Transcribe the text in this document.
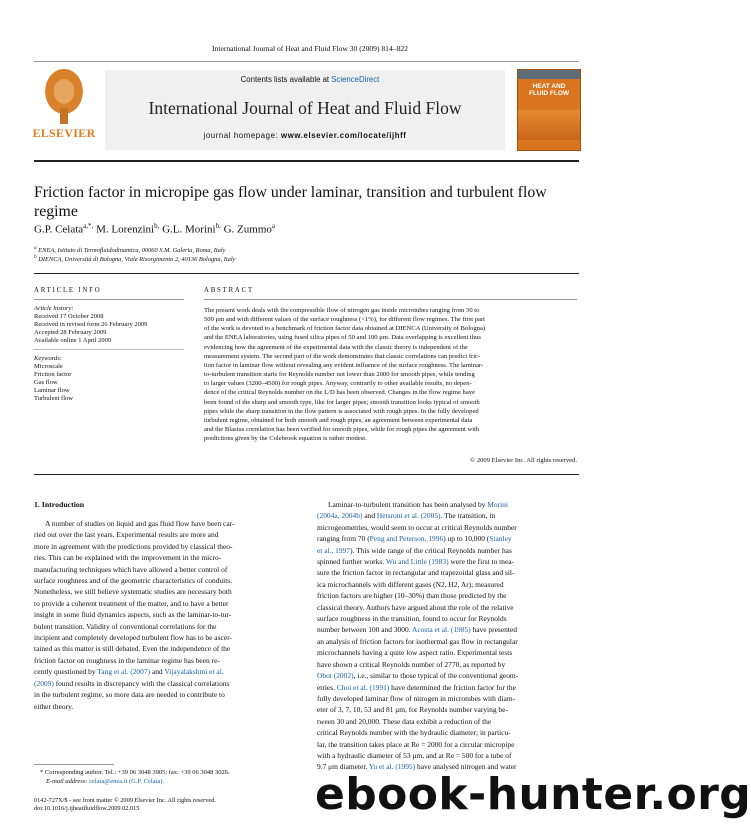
International Journal of Heat and Fluid Flow 30 (2009) 814–822
ELSEVIER
Contents lists available at ScienceDirect
International Journal of Heat and Fluid Flow
journal homepage: www.elsevier.com/locate/ijhff
HEAT AND
FLUID FLOW
Friction factor in micropipe gas flow under laminar, transition and turbulent flow regime
G.P. Celata$^{a,*,}$ M. Lorenzini$^{b,}$ G.L. Morini$^{b,}$ G. Zummo$^a$
$^a$ ENEA, Istituto di Termofluidodinamica, 00060 S.M. Galeria, Roma, Italy
$^b$ DIENCA, Università di Bologna, Viale Risorgimento 2, 40136 Bologna, Italy
ARTICLE INFO
Article history:
Received 17 October 2008
Received in revised form 26 February 2009
Accepted 28 February 2009
Available online 1 April 2009
Keywords:
Microscale
Friction factor
Gas flow
Laminar flow
Turbulent flow
ABSTRACT
The present work deals with the compressible flow of nitrogen gas inside microtubes ranging from 30 to
500 μm and with different values of the surface roughness (<1%), for different flow regimes. The first part
of the work is devoted to a benchmark of friction factor data obtained at DIENCA (University of Bologna)
and the ENEA laboratories, using fused silica pipes of 50 and 100 μm. Data overlapping is excellent thus
evidencing how the agreement of the experimental data with the classic theory is independent of the
measurement system. The second part of the work demonstrates that classic correlations can predict fric-
tion factor in laminar flow without revealing any evident influence of the surface roughness. The laminar-
to-turbulent transition starts for Reynolds number not lower than 2000 for smooth pipes, while tending
to larger values (3200–4500) for rough pipes. Anyway, contrarily to other available results, no depen-
dence of the critical Reynolds number on the L/D has been observed. Changes in the flow regime have
been found of the sharp and smooth type, like for larger pipes; smooth transition looks typical of smooth
pipes while the sharp transition in the flow pattern is associated with rough pipes. In the fully developed
turbulent regime, obtained for both smooth and rough pipes, an agreement between experimental data
and the Blasius correlation has been verified for smooth pipes, while for rough pipes the agreement with
predictions given by the Colebrook equation is rather modest.
© 2009 Elsevier Inc. All rights reserved.
1. Introduction
A number of studies on liquid and gas fluid flow have been car-
ried out over the last years. Experimental results are more and
more in agreement with the predictions provided by classical theo-
ries. This can be explained with the improvement in the micro-
manufacturing techniques which have allowed a better control of
surface roughness and of the geometric characteristics of conduits.
Nonetheless, we still believe systematic studies are necessary both
to provide a coherent treatment of the matter, and to have a better
insight in some fluid dynamics aspects, such as the laminar-to-tur-
bulent transition. Validity of conventional correlations for the
incipient and completely developed turbulent flow has to be ascer-
tained as this matter is still debated. Even the independence of the
friction factor on roughness in the laminar regime has been re-
cently questioned by Tang et al. (2007) and Vijayalakshmi et al.
(2009) found results in discrepancy with the classical correlations
in the turbulent regime, so more data are needed to contribute to
either theory.
Laminar-to-turbulent transition has been analysed by Morini
(2004a, 2004b) and Hetsroni et al. (2005). The transition, in
microgeometries, would seem to occur at critical Reynolds number
ranging from 70 (Peng and Peterson, 1996) up to 10,000 (Stanley
et al., 1997). This wide range of the critical Reynolds number has
spinned further works. Wu and Little (1983) were the first to mea-
sure the friction factor in rectangular and trapezoidal glass and sil-
ica microchannels with different gases (N2, H2, Ar); measured
friction factors are higher (10–30%) than those predicted by the
classical theory. Authors have argued about the role of the relative
surface roughness in the transition, found to occur for Reynolds
number between 100 and 3000. Acosta et al. (1985) have presented
an analysis of friction factors for isothermal gas flow in rectangular
microchannels having a quite low aspect ratio. Experimental tests
have shown a critical Reynolds number of 2770, as reported by
Obot (2002), i.e., similar to those typical of the conventional geom-
etries. Choi et al. (1991) have determined the friction factor for the
fully developed laminar flow of nitrogen in microtubes with diam-
eter of 3, 7, 10, 53 and 81 μm, for Reynolds number varying be-
tween 30 and 20,000. These data exhibit a reduction of the
critical Reynolds number with the hydraulic diameter; in particu-
lar, the transition takes place at Re = 2000 for a circular micropipe
with a hydraulic diameter of 53 μm, and at Re = 500 for a tube of
9.7 μm diameter. Yu et al. (1995) have analysed nitrogen and water
* Corresponding author. Tel.: +39 06 3048 3905; fax: +39 06 3048 3026.
E-mail address: celata@enea.it (G.P. Celata).
0142-727X/$ - see front matter © 2009 Elsevier Inc. All rights reserved.
doi:10.1016/j.ijheatfluidflow.2009.02.015	ebook-hunter.org
